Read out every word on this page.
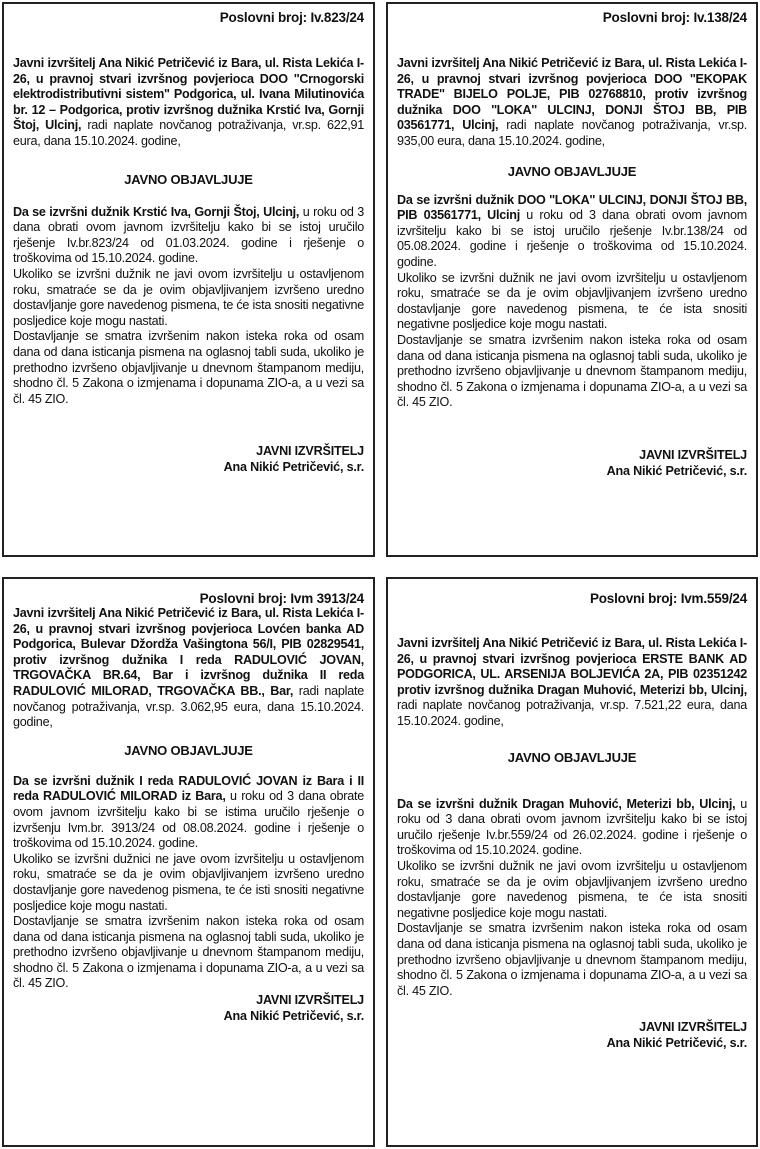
Poslovni broj: Iv.823/24

Javni izvršitelj Ana Nikić Petričević iz Bara, ul. Rista Lekića I-26, u pravnoj stvari izvršnog povjerioca DOO ''Crnogorski elektrodistributivni sistem'' Podgorica, ul. Ivana Milutinovića br. 12 – Podgorica, protiv izvršnog dužnika Krstić Iva, Gornji Štoj, Ulcinj, radi naplate novčanog potraživanja, vr.sp. 622,91 eura, dana 15.10.2024. godine,

JAVNO OBJAVLJUJE

Da se izvršni dužnik Krstić Iva, Gornji Štoj, Ulcinj, u roku od 3 dana obrati ovom javnom izvršitelju kako bi se istoj uručilo rješenje Iv.br.823/24 od 01.03.2024. godine i rješenje o troškovima od 15.10.2024. godine.

Ukoliko se izvršni dužnik ne javi ovom izvršitelju u ostavljenom roku, smatraće se da je ovim objavljivanjem izvršeno uredno dostavljanje gore navedenog pismena, te će ista snositi negativne posljedice koje mogu nastati.

Dostavljanje se smatra izvršenim nakon isteka roka od osam dana od dana isticanja pismena na oglasnoj tabli suda, ukoliko je prethodno izvršeno objavljivanje u dnevnom štampanom mediju, shodno čl. 5 Zakona o izmjenama i dopunama ZIO-a, a u vezi sa čl. 45 ZIO.

JAVNI IZVRŠITELJ

Ana Nikić Petričević, s.r.

Poslovni broj: Iv.138/24

Javni izvršitelj Ana Nikić Petričević iz Bara, ul. Rista Lekića I-26, u pravnoj stvari izvršnog povjerioca DOO ''EKOPAK TRADE'' BIJELO POLJE, PIB 02768810, protiv izvršnog dužnika DOO ''LOKA'' ULCINJ, DONJI ŠTOJ BB, PIB 03561771, Ulcinj, radi naplate novčanog potraživanja, vr.sp. 935,00 eura, dana 15.10.2024. godine,

JAVNO OBJAVLJUJE

Da se izvršni dužnik DOO ''LOKA'' ULCINJ, DONJI ŠTOJ BB, PIB 03561771, Ulcinj u roku od 3 dana obrati ovom javnom izvršitelju kako bi se istoj uručilo rješenje Iv.br.138/24 od 05.08.2024. godine i rješenje o troškovima od 15.10.2024. godine.

Ukoliko se izvršni dužnik ne javi ovom izvršitelju u ostavljenom roku, smatraće se da je ovim objavljivanjem izvršeno uredno dostavljanje gore navedenog pismena, te će ista snositi negativne posljedice koje mogu nastati.

Dostavljanje se smatra izvršenim nakon isteka roka od osam dana od dana isticanja pismena na oglasnoj tabli suda, ukoliko je prethodno izvršeno objavljivanje u dnevnom štampanom mediju, shodno čl. 5 Zakona o izmjenama i dopunama ZIO-a, a u vezi sa čl. 45 ZIO.

JAVNI IZVRŠITELJ

Ana Nikić Petričević, s.r.

Poslovni broj: Ivm 3913/24

Javni izvršitelj Ana Nikić Petričević iz Bara, ul. Rista Lekića I-26, u pravnoj stvari izvršnog povjerioca Lovćen banka AD Podgorica, Bulevar Džordža Vašingtona 56/I, PIB 02829541, protiv izvršnog dužnika I reda RADULOVIĆ JOVAN, TRGOVAČKA BR.64, Bar i izvršnog dužnika II reda RADULOVIĆ MILORAD, TRGOVAČKA BB., Bar, radi naplate novčanog potraživanja, vr.sp. 3.062,95 eura, dana 15.10.2024. godine,

JAVNO OBJAVLJUJE

Da se izvršni dužnik I reda RADULOVIĆ JOVAN iz Bara i II reda RADULOVIĆ MILORAD iz Bara, u roku od 3 dana obrate ovom javnom izvršitelju kako bi se istima uručilo rješenje o izvršenju Ivm.br. 3913/24 od 08.08.2024. godine i rješenje o troškovima od 15.10.2024. godine.

Ukoliko se izvršni dužnici ne jave ovom izvršitelju u ostavljenom roku, smatraće se da je ovim objavljivanjem izvršeno uredno dostavljanje gore navedenog pismena, te će isti snositi negativne posljedice koje mogu nastati.

Dostavljanje se smatra izvršenim nakon isteka roka od osam dana od dana isticanja pismena na oglasnoj tabli suda, ukoliko je prethodno izvršeno objavljivanje u dnevnom štampanom mediju, shodno čl. 5 Zakona o izmjenama i dopunama ZIO-a, a u vezi sa čl. 45 ZIO.

JAVNI IZVRŠITELJ

Ana Nikić Petričević, s.r.

Poslovni broj: Ivm.559/24

Javni izvršitelj Ana Nikić Petričević iz Bara, ul. Rista Lekića I-26, u pravnoj stvari izvršnog povjerioca ERSTE BANK AD PODGORICA, UL. ARSENIJA BOLJEVIĆA 2A, PIB 02351242 protiv izvršnog dužnika Dragan Muhović, Meterizi bb, Ulcinj, radi naplate novčanog potraživanja, vr.sp. 7.521,22 eura, dana 15.10.2024. godine,

JAVNO OBJAVLJUJE

Da se izvršni dužnik Dragan Muhović, Meterizi bb, Ulcinj, u roku od 3 dana obrati ovom javnom izvršitelju kako bi se istoj uručilo rješenje Iv.br.559/24 od 26.02.2024. godine i rješenje o troškovima od 15.10.2024. godine.

Ukoliko se izvršni dužnik ne javi ovom izvršitelju u ostavljenom roku, smatraće se da je ovim objavljivanjem izvršeno uredno dostavljanje gore navedenog pismena, te će ista snositi negativne posljedice koje mogu nastati.

Dostavljanje se smatra izvršenim nakon isteka roka od osam dana od dana isticanja pismena na oglasnoj tabli suda, ukoliko je prethodno izvršeno objavljivanje u dnevnom štampanom mediju, shodno čl. 5 Zakona o izmjenama i dopunama ZIO-a, a u vezi sa čl. 45 ZIO.

JAVNI IZVRŠITELJ

Ana Nikić Petričević, s.r.
